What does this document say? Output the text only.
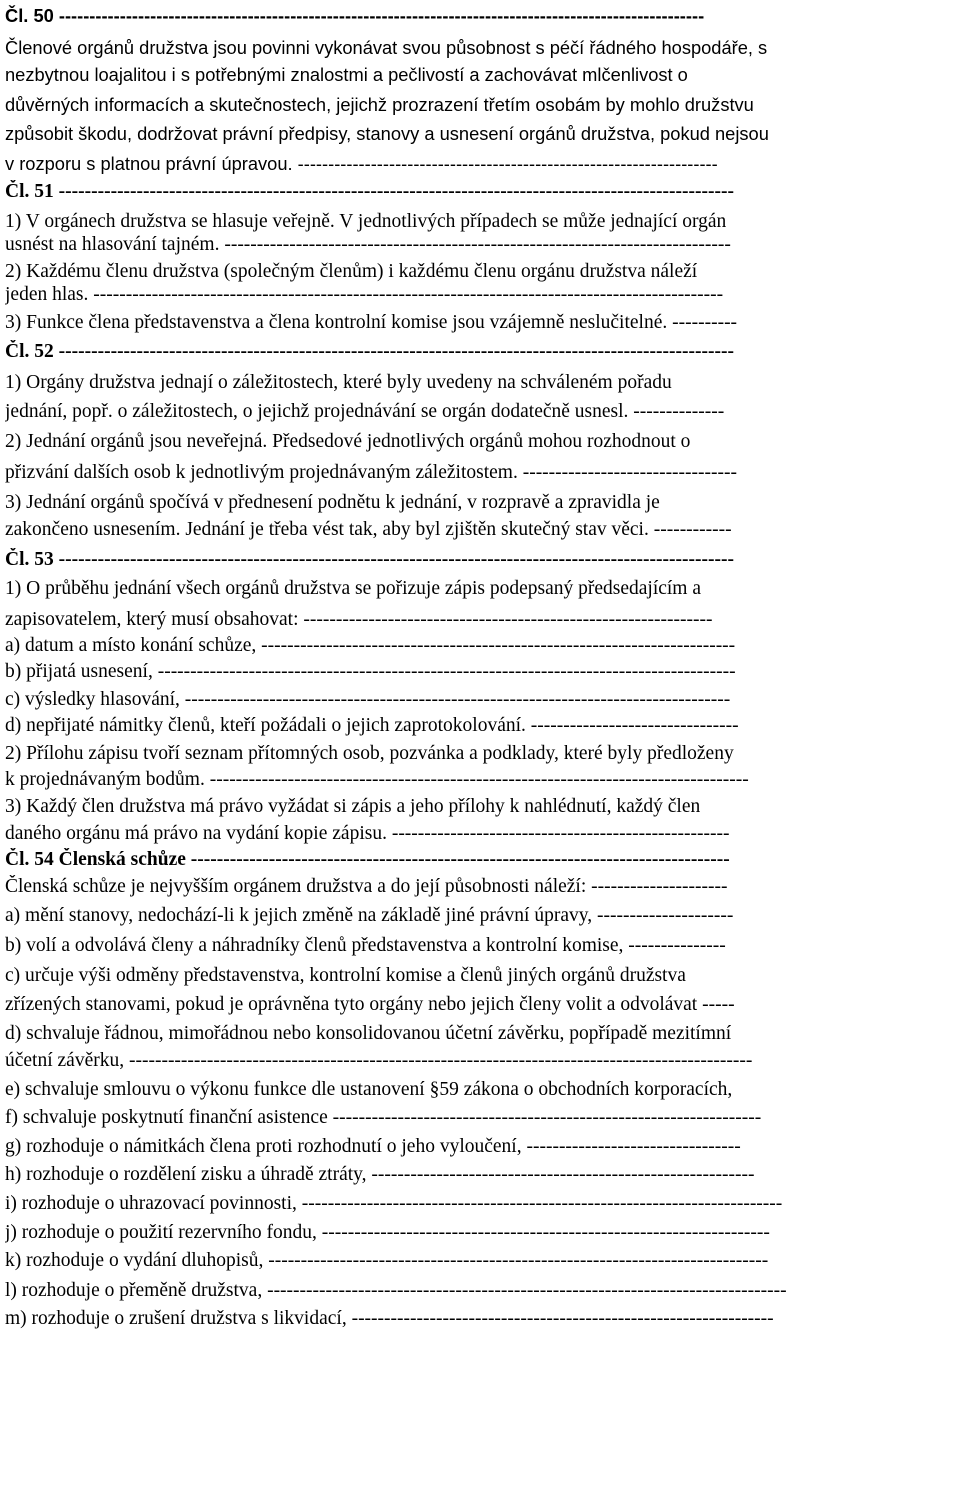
Čl. 50 ----------------------------------------------------------------------------------------------------------
Členové orgánů družstva jsou povinni vykonávat svou působnost s péčí řádného hospodáře, s
nezbytnou loajalitou i s potřebnými znalostmi a pečlivostí a zachovávat mlčenlivost o
důvěrných informacích a skutečnostech, jejichž prozrazení třetím osobám by mohlo družstvu
způsobit škodu, dodržovat právní předpisy, stanovy a usnesení orgánů družstva, pokud nejsou
v rozporu s platnou právní úpravou. ---------------------------------------------------------------------
Čl. 51 --------------------------------------------------------------------------------------------------------
1) V orgánech družstva se hlasuje veřejně. V jednotlivých případech se může jednající orgán
usnést na hlasování tajném. ------------------------------------------------------------------------------
2) Každému členu družstva (společným členům) i každému členu orgánu družstva náleží
jeden hlas. -------------------------------------------------------------------------------------------------
3) Funkce člena představenstva a člena kontrolní komise jsou vzájemně neslučitelné. ----------
Čl. 52 --------------------------------------------------------------------------------------------------------
1) Orgány družstva jednají o záležitostech, které byly uvedeny na schváleném pořadu
jednání, popř. o záležitostech, o jejichž projednávání se orgán dodatečně usnesl. --------------
2) Jednání orgánů jsou neveřejná. Předsedové jednotlivých orgánů mohou rozhodnout o
přizvání dalších osob k jednotlivým projednávaným záležitostem. ---------------------------------
3) Jednání orgánů spočívá v přednesení podnětu k jednání, v rozpravě a zpravidla je
zakončeno usnesením. Jednání je třeba vést tak, aby byl zjištěn skutečný stav věci. ------------
Čl. 53 --------------------------------------------------------------------------------------------------------
1) O průběhu jednání všech orgánů družstva se pořizuje zápis podepsaný předsedajícím a
zapisovatelem, který musí obsahovat: ---------------------------------------------------------------
a) datum a místo konání schůze, -------------------------------------------------------------------------
b) přijatá usnesení, -----------------------------------------------------------------------------------------
c) výsledky hlasování, ------------------------------------------------------------------------------------
d) nepřijaté námitky členů, kteří požádali o jejich zaprotokolování. --------------------------------
2) Přílohu zápisu tvoří seznam přítomných osob, pozvánka a podklady, které byly předloženy
k projednávaným bodům. -----------------------------------------------------------------------------------
3) Každý člen družstva má právo vyžádat si zápis a jeho přílohy k nahlédnutí, každý člen
daného orgánu má právo na vydání kopie zápisu. ----------------------------------------------------
Čl. 54 Členská schůze -----------------------------------------------------------------------------------
Členská schůze je nejvyšším orgánem družstva a do její působnosti náleží: ---------------------
a) mění stanovy, nedochází-li k jejich změně na základě jiné právní úpravy, ---------------------
b) volí a odvolává členy a náhradníky členů představenstva a kontrolní komise, ---------------
c) určuje výši odměny představenstva, kontrolní komise a členů jiných orgánů družstva
zřízených stanovami, pokud je oprávněna tyto orgány nebo jejich členy volit a odvolávat -----
d) schvaluje řádnou, mimořádnou nebo konsolidovanou účetní závěrku, popřípadě mezitímní
účetní závěrku, ------------------------------------------------------------------------------------------------
e) schvaluje smlouvu o výkonu funkce dle ustanovení §59 zákona o obchodních korporacích,
f) schvaluje poskytnutí finanční asistence ------------------------------------------------------------------
g) rozhoduje o námitkách člena proti rozhodnutí o jeho vyloučení, ---------------------------------
h) rozhoduje o rozdělení zisku a úhradě ztráty, -----------------------------------------------------------
i) rozhoduje o uhrazovací povinnosti, --------------------------------------------------------------------------
j) rozhoduje o použití rezervního fondu, ---------------------------------------------------------------------
k) rozhoduje o vydání dluhopisů, -----------------------------------------------------------------------------
l) rozhoduje o přeměně družstva, --------------------------------------------------------------------------------
m) rozhoduje o zrušení družstva s likvidací, -----------------------------------------------------------------
